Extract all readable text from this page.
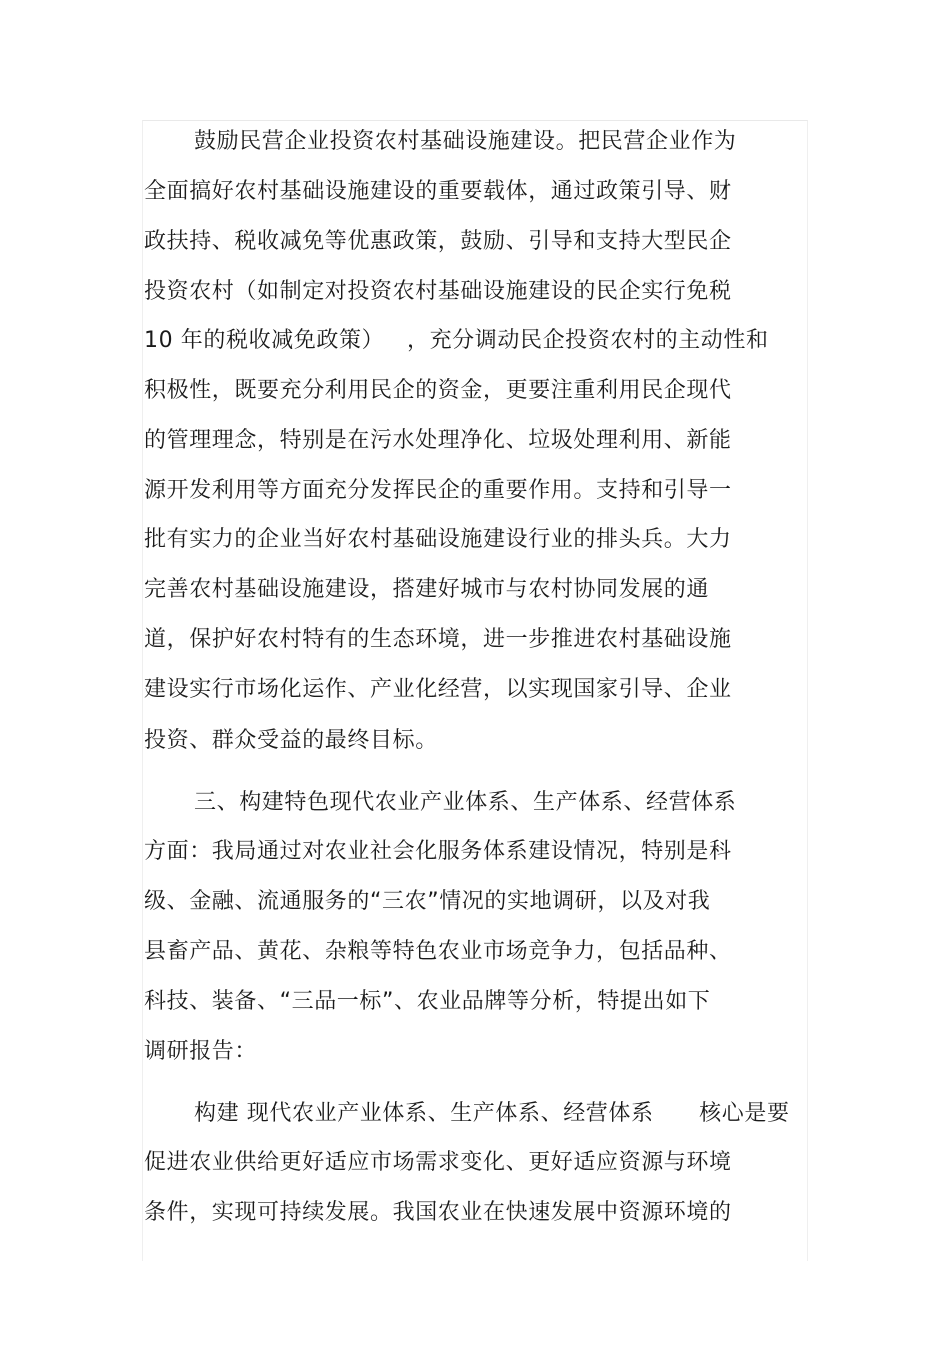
鼓励民营企业投资农村基础设施建设。把民营企业作为
全面搞好农村基础设施建设的重要载体，通过政策引导、财
政扶持、税收减免等优惠政策，鼓励、引导和支持大型民企
投资农村（如制定对投资农村基础设施建设的民企实行免税
10 年的税收减免政策）   ，充分调动民企投资农村的主动性和
积极性，既要充分利用民企的资金，更要注重利用民企现代
的管理理念，特别是在污水处理净化、垃圾处理利用、新能
源开发利用等方面充分发挥民企的重要作用。支持和引导一
批有实力的企业当好农村基础设施建设行业的排头兵。大力
完善农村基础设施建设，搭建好城市与农村协同发展的通
道，保护好农村特有的生态环境，进一步推进农村基础设施
建设实行市场化运作、产业化经营，以实现国家引导、企业
投资、群众受益的最终目标。
三、构建特色现代农业产业体系、生产体系、经营体系
方面：我局通过对农业社会化服务体系建设情况，特别是科
级、金融、流通服务的“三农”情况的实地调研，以及对我
县畜产品、黄花、杂粮等特色农业市场竞争力，包括品种、
科技、装备、“三品一标”、农业品牌等分析，特提出如下
调研报告：
构建 现代农业产业体系、生产体系、经营体系      核心是要
促进农业供给更好适应市场需求变化、更好适应资源与环境
条件，实现可持续发展。我国农业在快速发展中资源环境的
